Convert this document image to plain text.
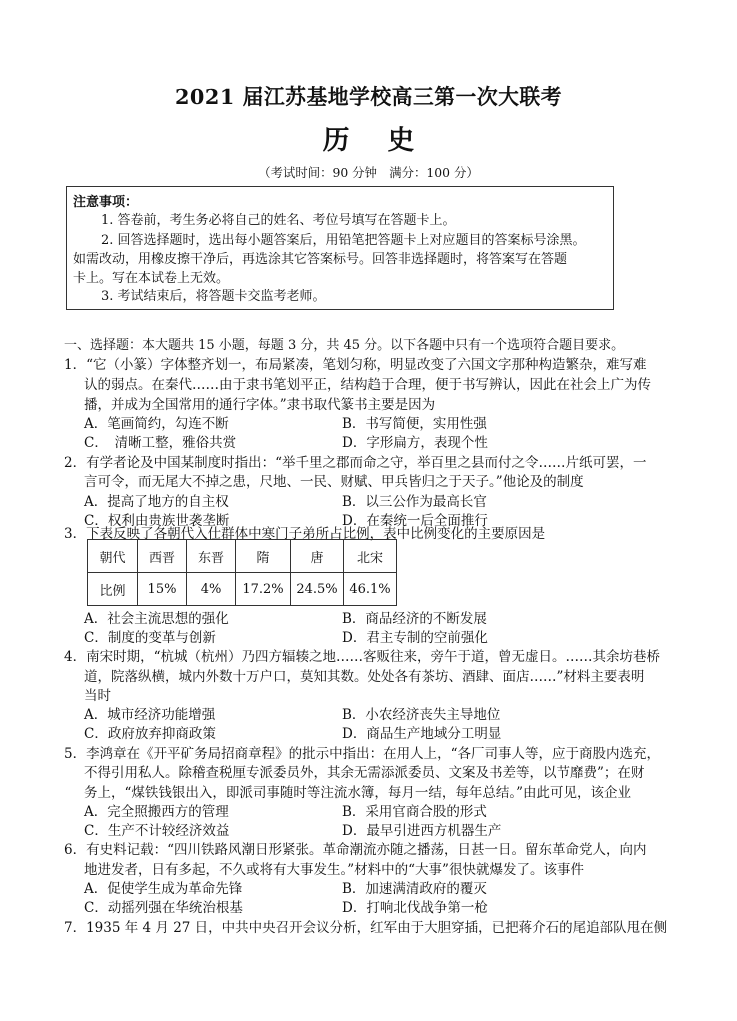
2021 届江苏基地学校高三第一次大联考
历史
（考试时间：90 分钟　满分：100 分）
注意事项：
1. 答卷前，考生务必将自己的姓名、考位号填写在答题卡上。
2. 回答选择题时，选出每小题答案后，用铅笔把答题卡上对应题目的答案标号涂黑。
如需改动，用橡皮擦干净后，再选涂其它答案标号。回答非选择题时，将答案写在答题
卡上。写在本试卷上无效。
3. 考试结束后，将答题卡交监考老师。
一、选择题：本大题共 15 小题，每题 3 分，共 45 分。以下各题中只有一个选项符合题目要求。
1．“它（小篆）字体整齐划一，布局紧凑，笔划匀称，明显改变了六国文字那种构造繁杂，难写难
认的弱点。在秦代……由于隶书笔划平正，结构趋于合理，便于书写辨认，因此在社会上广为传
播，并成为全国常用的通行字体。”隶书取代篆书主要是因为
A．笔画简约，勾连不断	B．书写简便，实用性强
C．　清晰工整，雅俗共赏	D．字形扁方，表现个性
2．有学者论及中国某制度时指出：“举千里之郡而命之守，举百里之县而付之令……片纸可罢，一
言可令，而无尾大不掉之患，尺地、一民、财赋、甲兵皆归之于天子。”他论及的制度
A．提高了地方的自主权	B．以三公作为最高长官
C．权利由贵族世袭垄断	D．在秦统一后全面推行
3．下表反映了各朝代入仕群体中寒门子弟所占比例，表中比例变化的主要原因是
朝代	西晋	东晋	隋	唐	北宋
比例	15%	4%	17.2%	24.5%	46.1%
A．社会主流思想的强化	B．商品经济的不断发展
C．制度的变革与创新	D．君主专制的空前强化
4．南宋时期，“杭城（杭州）乃四方辐辏之地……客贩往来，旁午于道，曾无虚日。……其余坊巷桥
道，院落纵横，城内外数十万户口，莫知其数。处处各有茶坊、酒肆、面店……”材料主要表明
当时
A．城市经济功能增强	B．小农经济丧失主导地位
C．政府放弃抑商政策	D．商品生产地域分工明显
5．李鸿章在《开平矿务局招商章程》的批示中指出：在用人上，“各厂司事人等，应于商股内选充，
不得引用私人。除稽查税厘专派委员外，其余无需添派委员、文案及书差等，以节靡费”；在财
务上，“煤铁钱银出入，即派司事随时等注流水簿，每月一结，每年总结。”由此可见，该企业
A．完全照搬西方的管理	B．采用官商合股的形式
C．生产不计较经济效益	D．最早引进西方机器生产
6．有史料记载：“四川铁路风潮日形紧张。革命潮流亦随之播荡，日甚一日。留东革命党人，向内
地进发者，日有多起，不久或将有大事发生。”材料中的“大事”很快就爆发了。该事件
A．促使学生成为革命先锋	B．加速满清政府的覆灭
C．动摇列强在华统治根基	D．打响北伐战争第一枪
7．1935 年 4 月 27 日，中共中央召开会议分析，红军由于大胆穿插，已把蒋介石的尾追部队甩在侧
